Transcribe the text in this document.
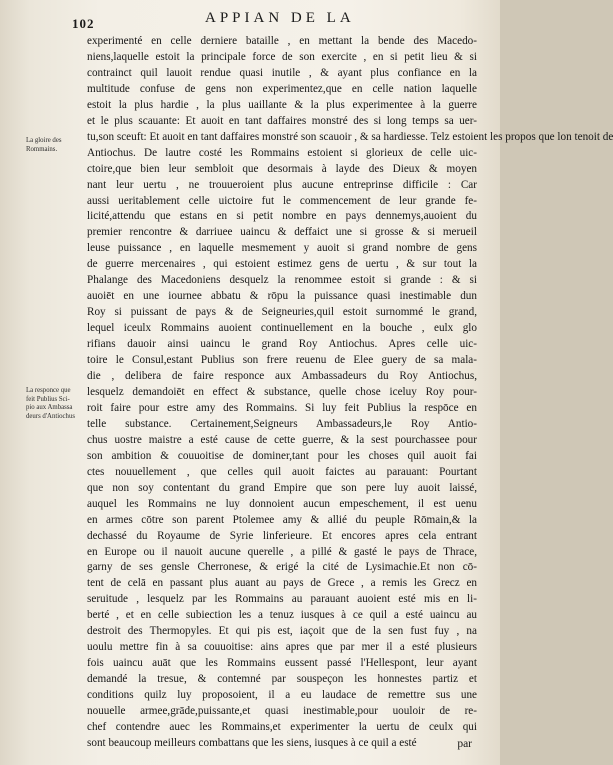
102	APPIAN DE LA
La gloire des
Rommains.
La responce que
feit Publius Sci-
pio aux Ambassa
deurs d'Antiochus
experimenté en celle derniere bataille , en mettant la bende des Macedo-
niens,laquelle estoit la principale force de son exercite , en si petit lieu & si
contrainct quil lauoit rendue quasi inutile , & ayant plus confiance en la
multitude confuse de gens non experimentez,que en celle nation laquelle
estoit la plus hardie , la plus uaillante & la plus experimentee à la guerre
et le plus scauante: Et auoit en tant daffaires monstré des si long temps sa uer-
tu,son sceuft: Et auoit en tant daffaires monstré son scauoir , & sa hardiesse. Telz estoient les propos que lon tenoit de
Antiochus. De lautre costé les Rommains estoient si glorieux de celle uic-
ctoire,que bien leur sembloit que desormais à layde des Dieux & moyen
nant leur uertu , ne trouueroient plus aucune entreprinse difficile : Car
aussi ueritablement celle uictoire fut le commencement de leur grande fe-
licité,attendu que estans en si petit nombre en pays dennemys,auoient du
premier rencontre & darriuee uaincu & deffaict une si grosse & si merueil
leuse puissance , en laquelle mesmement y auoit si grand nombre de gens
de guerre mercenaires , qui estoient estimez gens de uertu , & sur tout la
Phalange des Macedoniens desquelz la renommee estoit si grande : & si
auoiēt en une iournee abbatu & rōpu la puissance quasi inestimable dun
Roy si puissant de pays & de Seigneuries,quil estoit surnommé le grand,
lequel iceulx Rommains auoient continuellement en la bouche , eulx glo
rifians dauoir ainsi uaincu le grand Roy Antiochus. Apres celle uic-
toire le Consul,estant Publius son frere reuenu de Elee guery de sa mala-
die , delibera de faire responce aux Ambassadeurs du Roy Antiochus,
lesquelz demandoiēt en effect & substance, quelle chose iceluy Roy pour-
roit faire pour estre amy des Rommains. Si luy feit Publius la respōce en
telle substance. Certainement,Seigneurs Ambassadeurs,le Roy Antio-
chus uostre maistre a esté cause de cette guerre, & la sest pourchassee pour
son ambition & couuoitise de dominer,tant pour les choses quil auoit fai
ctes nouuellement , que celles quil auoit faictes au parauant: Pourtant
que non soy contentant du grand Empire que son pere luy auoit laissé,
auquel les Rommains ne luy donnoient aucun empeschement, il est uenu
en armes cōtre son parent Ptolemee amy & allié du peuple Rōmain,& la
dechassé du Royaume de Syrie linferieure. Et encores apres cela entrant
en Europe ou il nauoit aucune querelle , a pillé & gasté le pays de Thrace,
garny de ses gensle Cherronese, & erigé la cité de Lysimachie.Et non cō-
tent de celā en passant plus auant au pays de Grece , a remis les Grecz en
seruitude , lesquelz par les Rommains au parauant auoient esté mis en li-
berté , et en celle subiection les a tenuz iusques à ce quil a esté uaincu au
destroit des Thermopyles. Et qui pis est, iaçoit que de la sen fust fuy , na
uoulu mettre fin à sa couuoitise: ains apres que par mer il a esté plusieurs
fois uaincu auāt que les Rommains eussent passé l'Hellespont, leur ayant
demandé la tresue, & contemné par souspeçon les honnestes partiz et
conditions quilz luy proposoient, il a eu laudace de remettre sus une
nouuelle armee,grāde,puissante,et quasi inestimable,pour uouloir de re-
chef contendre auec les Rommains,et experimenter la uertu de ceulx qui
sont beaucoup meilleurs combattans que les siens, iusques à ce quil a esté	par
